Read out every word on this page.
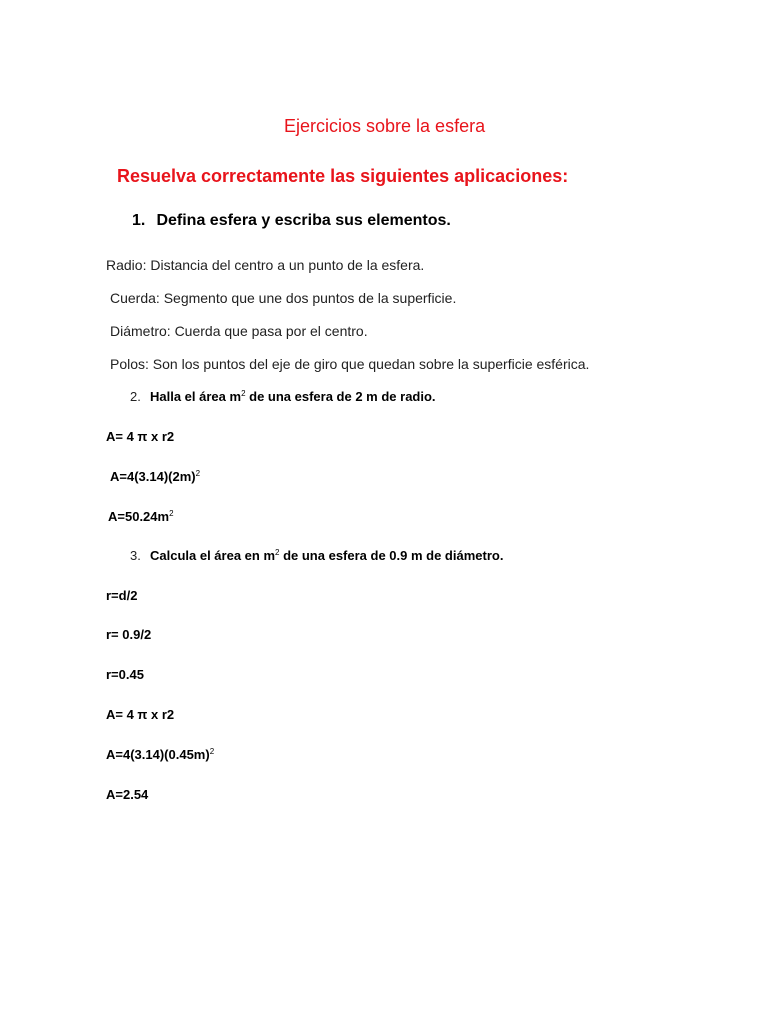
Ejercicios sobre la esfera
Resuelva correctamente las siguientes aplicaciones:
1. Defina esfera y escriba sus elementos.
Radio: Distancia del centro a un punto de la esfera.
Cuerda: Segmento que une dos puntos de la superficie.
Diámetro: Cuerda que pasa por el centro.
Polos: Son los puntos del eje de giro que quedan sobre la superficie esférica.
2. Halla el área $m^2$ de una esfera de 2 m de radio.
A= 4 π x r2
$A=4(3.14)(2m)^2$
$A=50.24m^2$
3. Calcula el área en $m^2$ de una esfera de 0.9 m de diámetro.
r=d/2
r= 0.9/2
r=0.45
A= 4 π x r2
$A=4(3.14)(0.45m)^2$
A=2.54
